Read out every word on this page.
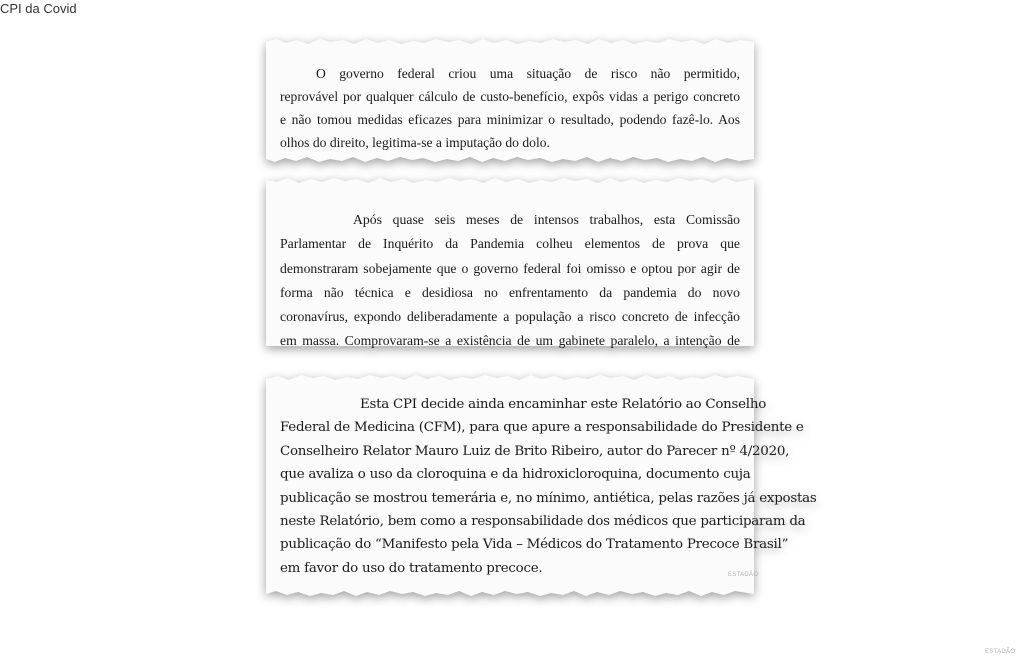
CPI da Covid

O governo federal criou uma situação de risco não permitido,
reprovável por qualquer cálculo de custo-benefício, expôs vidas a perigo concreto
e não tomou medidas eficazes para minimizar o resultado, podendo fazê-lo. Aos
olhos do direito, legitima-se a imputação do dolo.

Após quase seis meses de intensos trabalhos, esta Comissão
Parlamentar de Inquérito da Pandemia colheu elementos de prova que
demonstraram sobejamente que o governo federal foi omisso e optou por agir de
forma não técnica e desidiosa no enfrentamento da pandemia do novo
coronavírus, expondo deliberadamente a população a risco concreto de infecção
em massa. Comprovaram-se a existência de um gabinete paralelo, a intenção de

Esta CPI decide ainda encaminhar este Relatório ao Conselho
Federal de Medicina (CFM), para que apure a responsabilidade do Presidente e
Conselheiro Relator Mauro Luiz de Brito Ribeiro, autor do Parecer nº 4/2020,
que avaliza o uso da cloroquina e da hidroxicloroquina, documento cuja
publicação se mostrou temerária e, no mínimo, antiética, pelas razões já expostas
neste Relatório, bem como a responsabilidade dos médicos que participaram da
publicação do “Manifesto pela Vida – Médicos do Tratamento Precoce Brasil”
em favor do uso do tratamento precoce.	ESTADÃO
ESTADÃO
